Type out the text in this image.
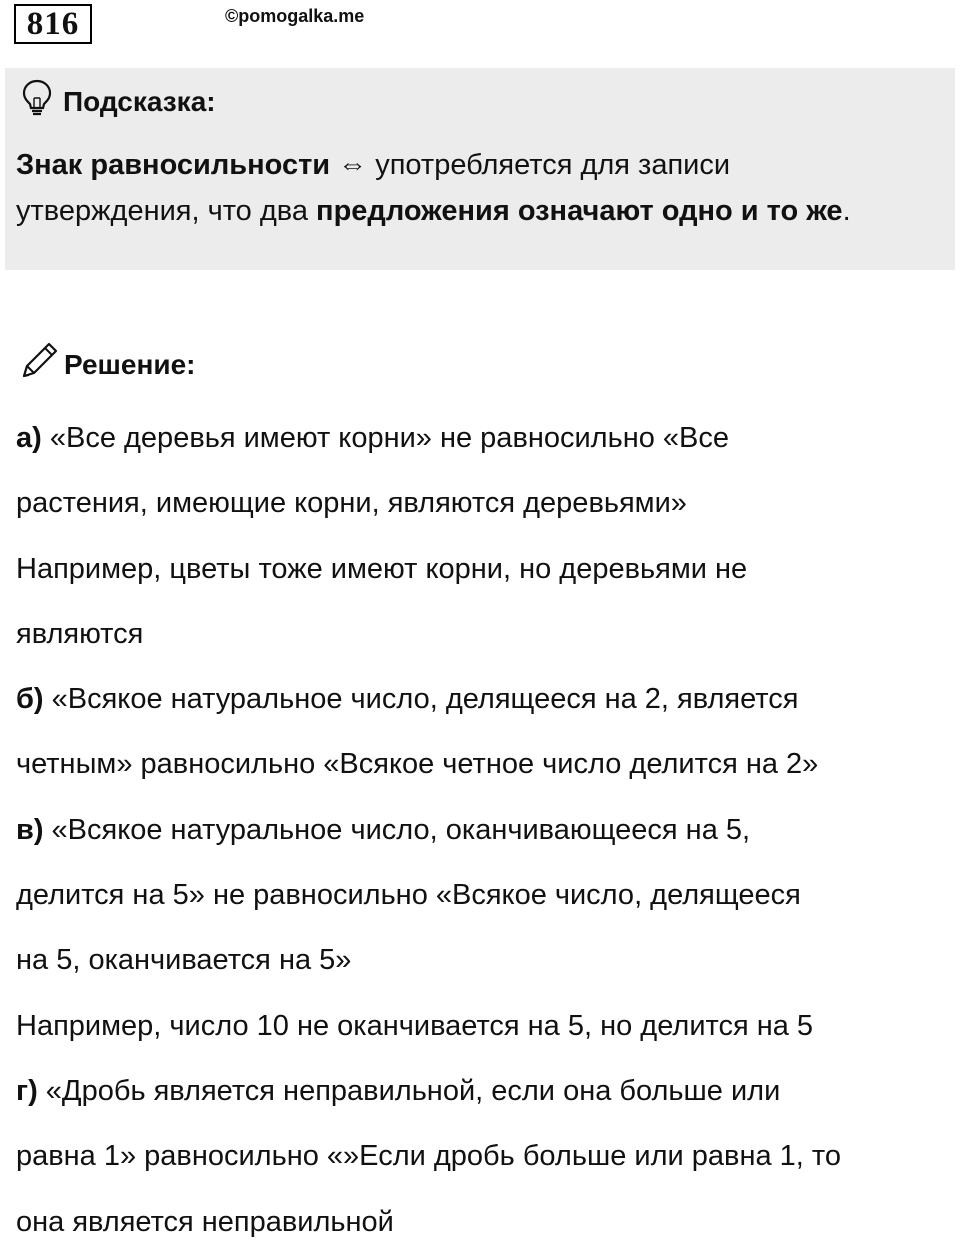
816	©pomogalka.me
Подсказка:
Знак равносильности ⇔ употребляется для записи
утверждения, что два предложения означают одно и то же.
Решение:
а) «Все деревья имеют корни» не равносильно «Все
растения, имеющие корни, являются деревьями»
Например, цветы тоже имеют корни, но деревьями не
являются
б) «Всякое натуральное число, делящееся на 2, является
четным» равносильно «Всякое четное число делится на 2»
в) «Всякое натуральное число, оканчивающееся на 5,
делится на 5» не равносильно «Всякое число, делящееся
на 5, оканчивается на 5»
Например, число 10 не оканчивается на 5, но делится на 5
г) «Дробь является неправильной, если она больше или
равна 1» равносильно «»Если дробь больше или равна 1, то
она является неправильной
